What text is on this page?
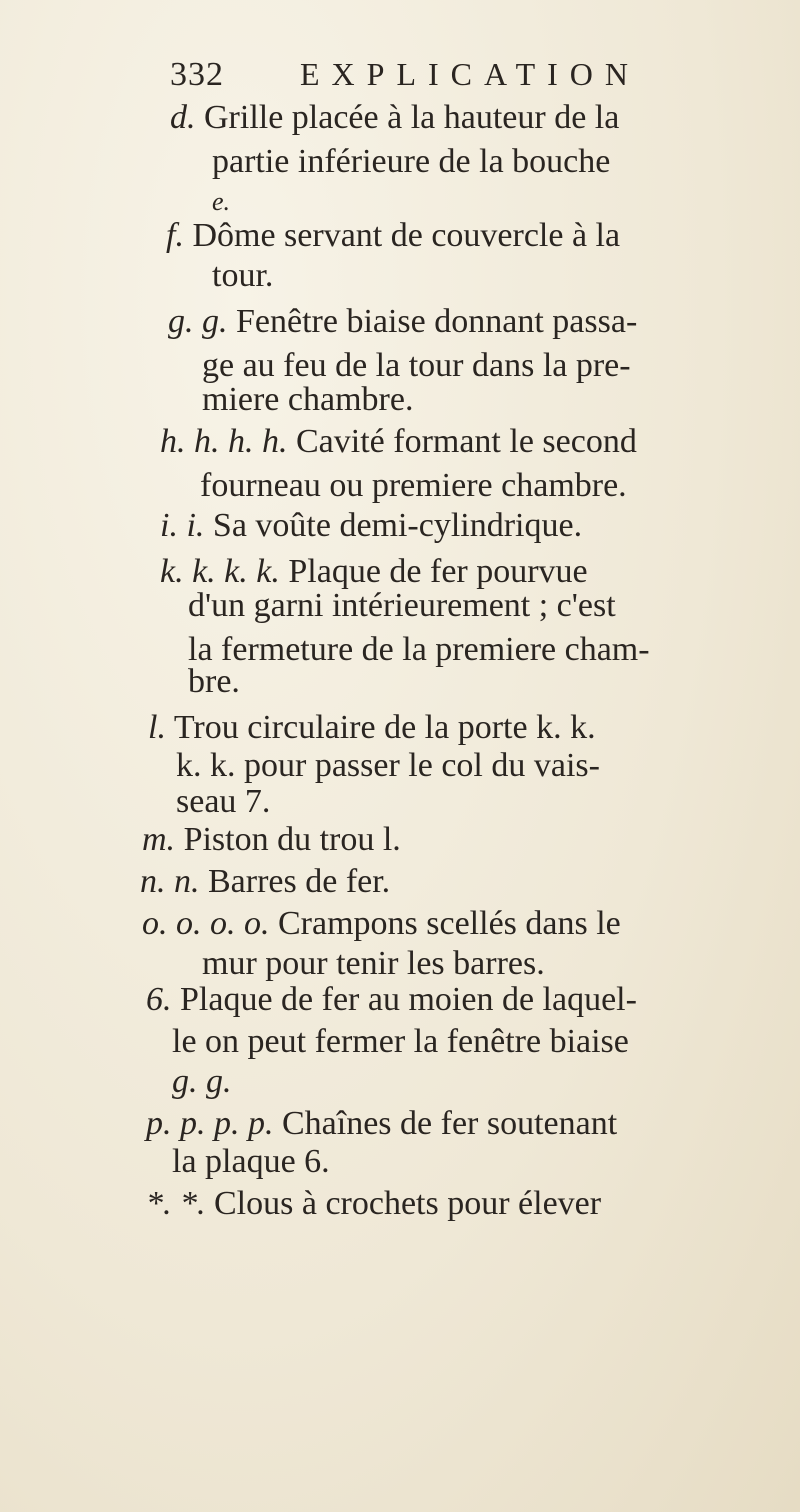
332 EXPLICATION
d. Grille placée à la hauteur de la
partie inférieure de la bouche
e.
f. Dôme servant de couvercle à la
tour.
g. g. Fenêtre biaise donnant passa-
ge au feu de la tour dans la pre-
miere chambre.
h. h. h. h. Cavité formant le second
fourneau ou premiere chambre.
i. i. Sa voûte demi-cylindrique.
k. k. k. k. Plaque de fer pourvue
d'un garni intérieurement ; c'est
la fermeture de la premiere cham-
bre.
l. Trou circulaire de la porte k. k.
k. k. pour passer le col du vais-
seau 7.
m. Piston du trou l.
n. n. Barres de fer.
o. o. o. o. Crampons scellés dans le
mur pour tenir les barres.
6. Plaque de fer au moien de laquel-
le on peut fermer la fenêtre biaise
g. g.
p. p. p. p. Chaînes de fer soutenant
la plaque 6.
*. *. Clous à crochets pour élever
